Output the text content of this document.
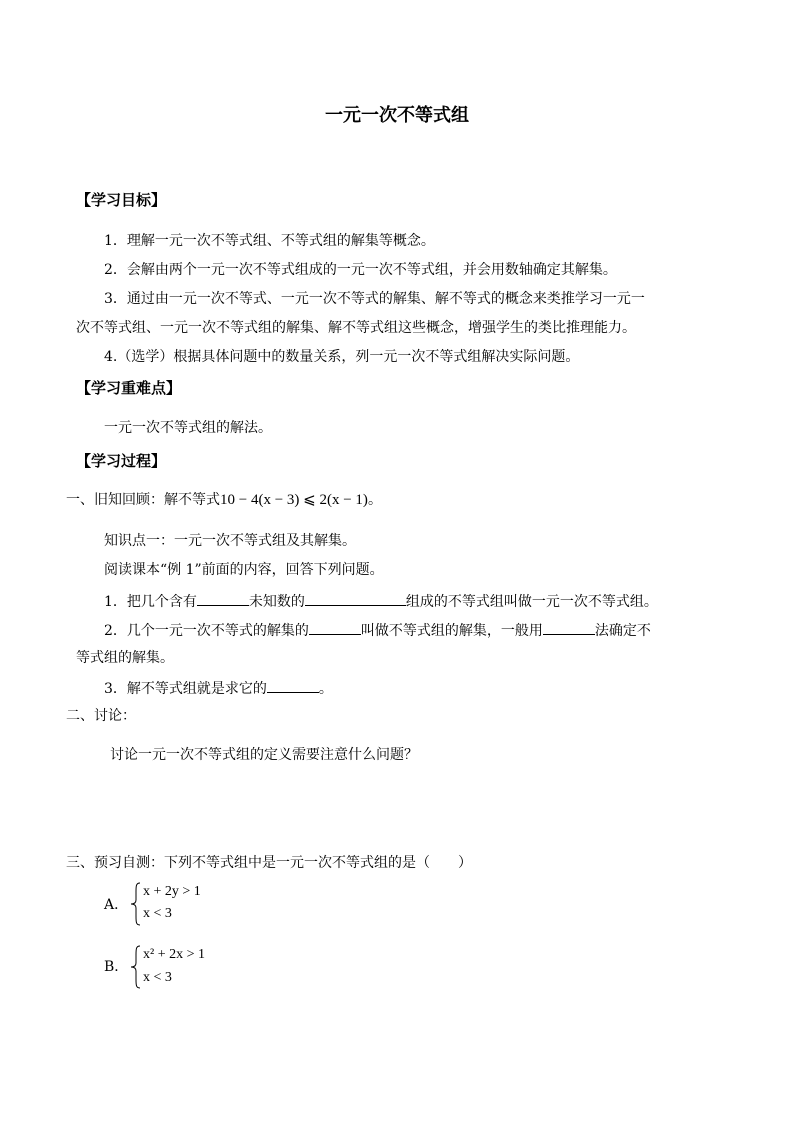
一元一次不等式组
【学习目标】
1．理解一元一次不等式组、不等式组的解集等概念。
2．会解由两个一元一次不等式组成的一元一次不等式组，并会用数轴确定其解集。
3．通过由一元一次不等式、一元一次不等式的解集、解不等式的概念来类推学习一元一
次不等式组、一元一次不等式组的解集、解不等式组这些概念，增强学生的类比推理能力。
4.（选学）根据具体问题中的数量关系，列一元一次不等式组解决实际问题。
【学习重难点】
一元一次不等式组的解法。
【学习过程】
一、旧知回顾：解不等式10 − 4(x − 3) ⩽ 2(x − 1)。
知识点一：一元一次不等式组及其解集。
阅读课本“例 1”前面的内容，回答下列问题。
1．把几个含有	未知数的	组成的不等式组叫做一元一次不等式组。
2．几个一元一次不等式的解集的	叫做不等式组的解集，一般用	法确定不
等式组的解集。
3．解不等式组就是求它的	。
二、讨论：
讨论一元一次不等式组的定义需要注意什么问题？
三、预习自测：下列不等式组中是一元一次不等式组的是（　　）
A．
x + 2y > 1
x < 3
B．
x² + 2x > 1
x < 3
